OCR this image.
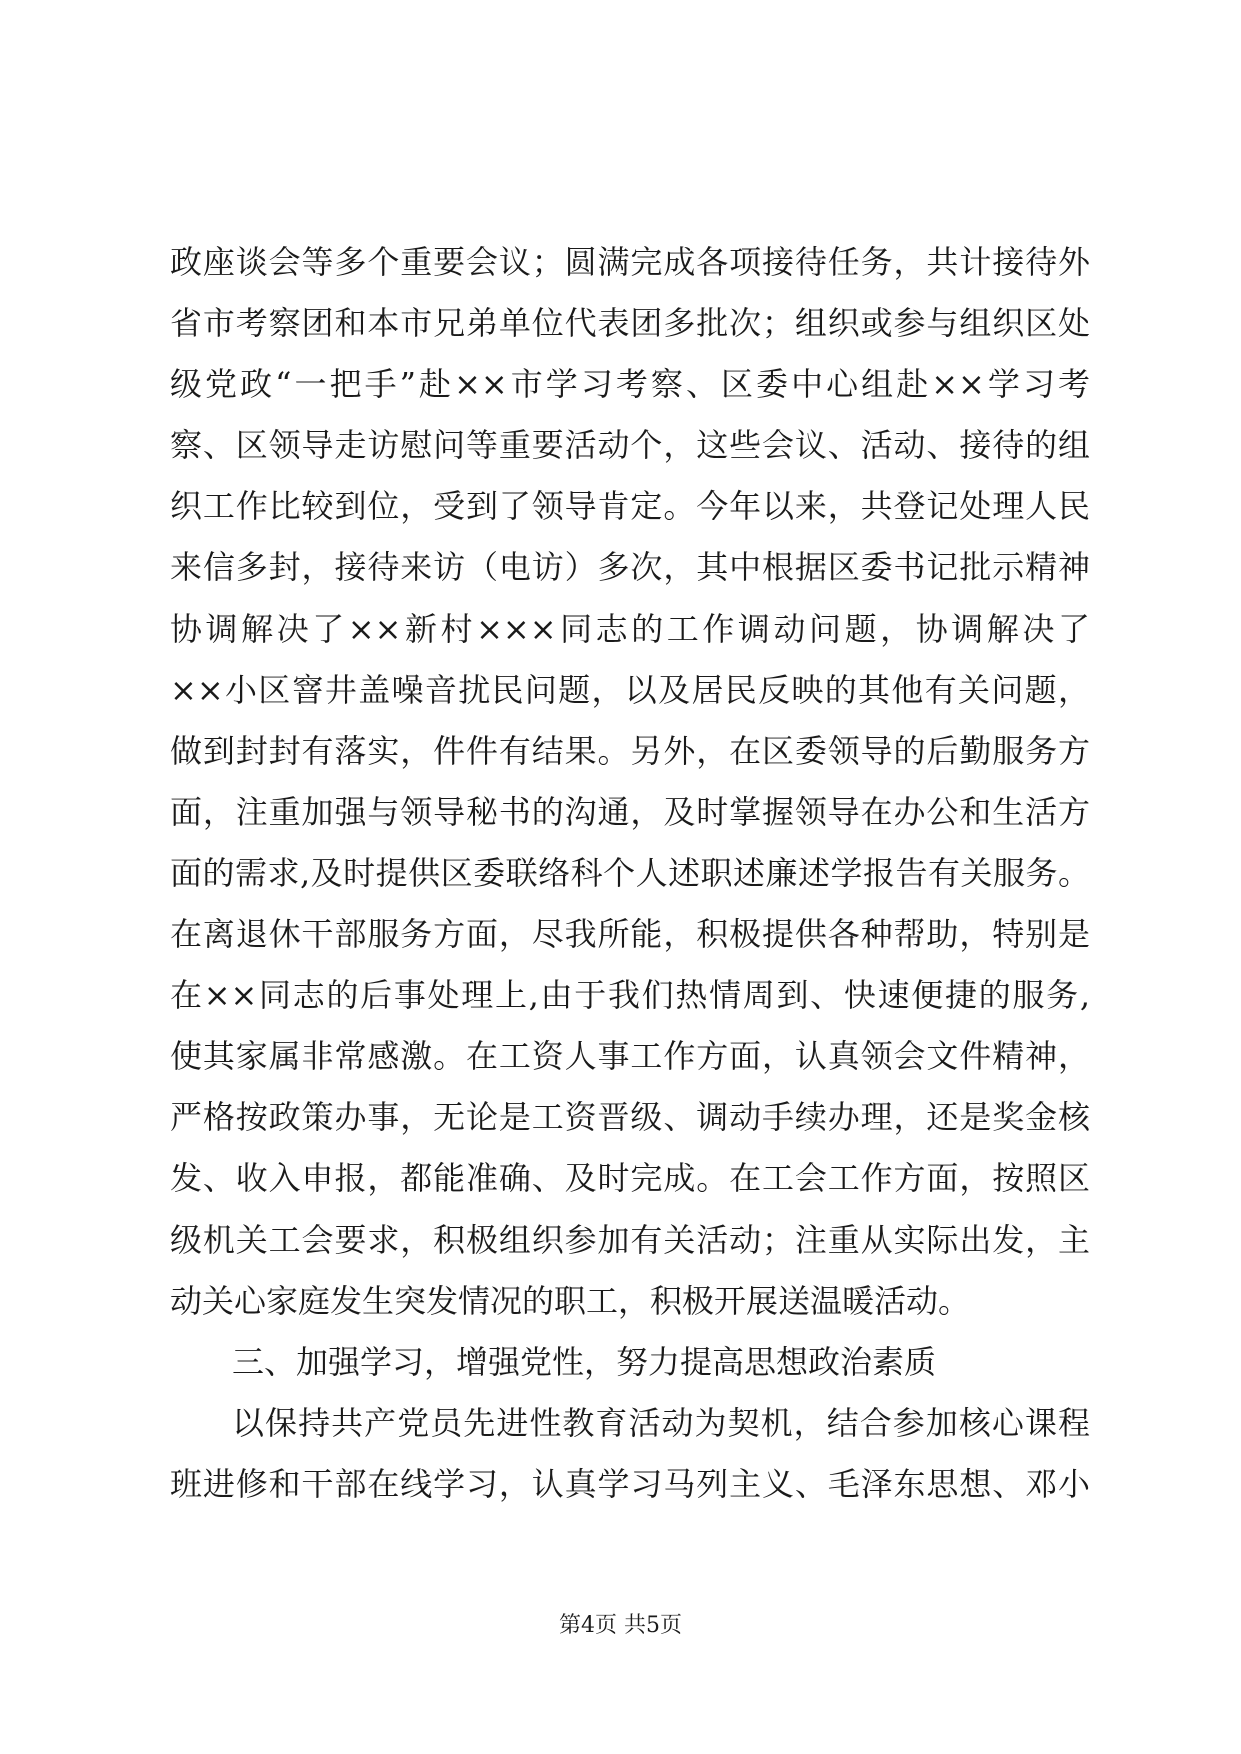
政座谈会等多个重要会议；圆满完成各项接待任务，共计接待外
省市考察团和本市兄弟单位代表团多批次；组织或参与组织区处
级党政“一把手”赴××市学习考察、区委中心组赴××学习考
察、区领导走访慰问等重要活动个，这些会议、活动、接待的组
织工作比较到位，受到了领导肯定。今年以来，共登记处理人民
来信多封，接待来访（电访）多次，其中根据区委书记批示精神
协调解决了××新村×××同志的工作调动问题，协调解决了
××小区窨井盖噪音扰民问题，以及居民反映的其他有关问题，
做到封封有落实，件件有结果。另外，在区委领导的后勤服务方
面，注重加强与领导秘书的沟通，及时掌握领导在办公和生活方
面的需求,及时提供区委联络科个人述职述廉述学报告有关服务。
在离退休干部服务方面，尽我所能，积极提供各种帮助，特别是
在××同志的后事处理上,由于我们热情周到、快速便捷的服务,
使其家属非常感激。在工资人事工作方面，认真领会文件精神，
严格按政策办事，无论是工资晋级、调动手续办理，还是奖金核
发、收入申报，都能准确、及时完成。在工会工作方面，按照区
级机关工会要求，积极组织参加有关活动；注重从实际出发，主
动关心家庭发生突发情况的职工，积极开展送温暖活动。
三、加强学习，增强党性，努力提高思想政治素质
以保持共产党员先进性教育活动为契机，结合参加核心课程
班进修和干部在线学习，认真学习马列主义、毛泽东思想、邓小
第4页 共5页
